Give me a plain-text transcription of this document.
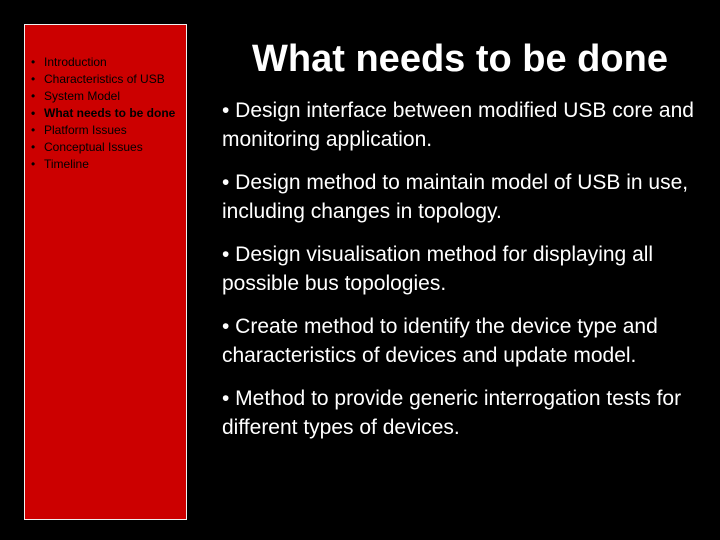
• Introduction
• Characteristics of USB
• System Model
• What needs to be done
• Platform Issues
• Conceptual Issues
• Timeline
What needs to be done
• Design interface between modified USB core and monitoring application.
• Design method to maintain model of USB in use, including changes in topology.
• Design visualisation method for displaying all possible bus topologies.
• Create method to identify the device type and characteristics of devices and update model.
• Method to provide generic interrogation tests for different types of devices.
